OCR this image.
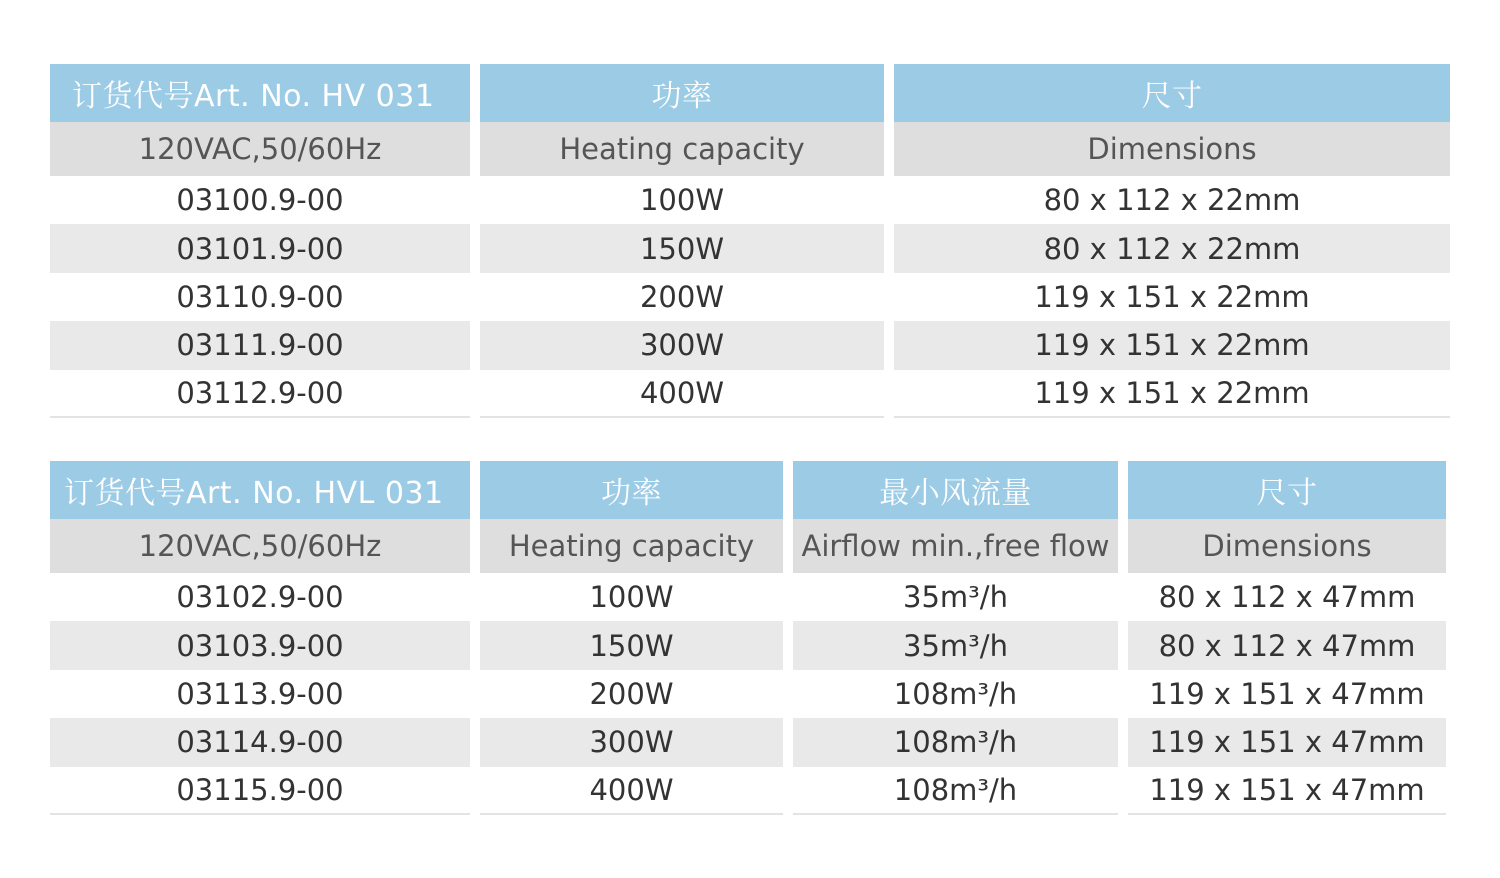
订货代号Art. No. HV 031	功率	尺寸
120VAC,50/60Hz	Heating capacity	Dimensions
03100.9-00	100W	80 x 112 x 22mm
03101.9-00	150W	80 x 112 x 22mm
03110.9-00	200W	119 x 151 x 22mm
03111.9-00	300W	119 x 151 x 22mm
03112.9-00	400W	119 x 151 x 22mm
订货代号Art. No. HVL 031	功率	最小风流量	尺寸
120VAC,50/60Hz	Heating capacity	Airflow min.,free flow	Dimensions
03102.9-00	100W	35m³/h	80 x 112 x 47mm
03103.9-00	150W	35m³/h	80 x 112 x 47mm
03113.9-00	200W	108m³/h	119 x 151 x 47mm
03114.9-00	300W	108m³/h	119 x 151 x 47mm
03115.9-00	400W	108m³/h	119 x 151 x 47mm
